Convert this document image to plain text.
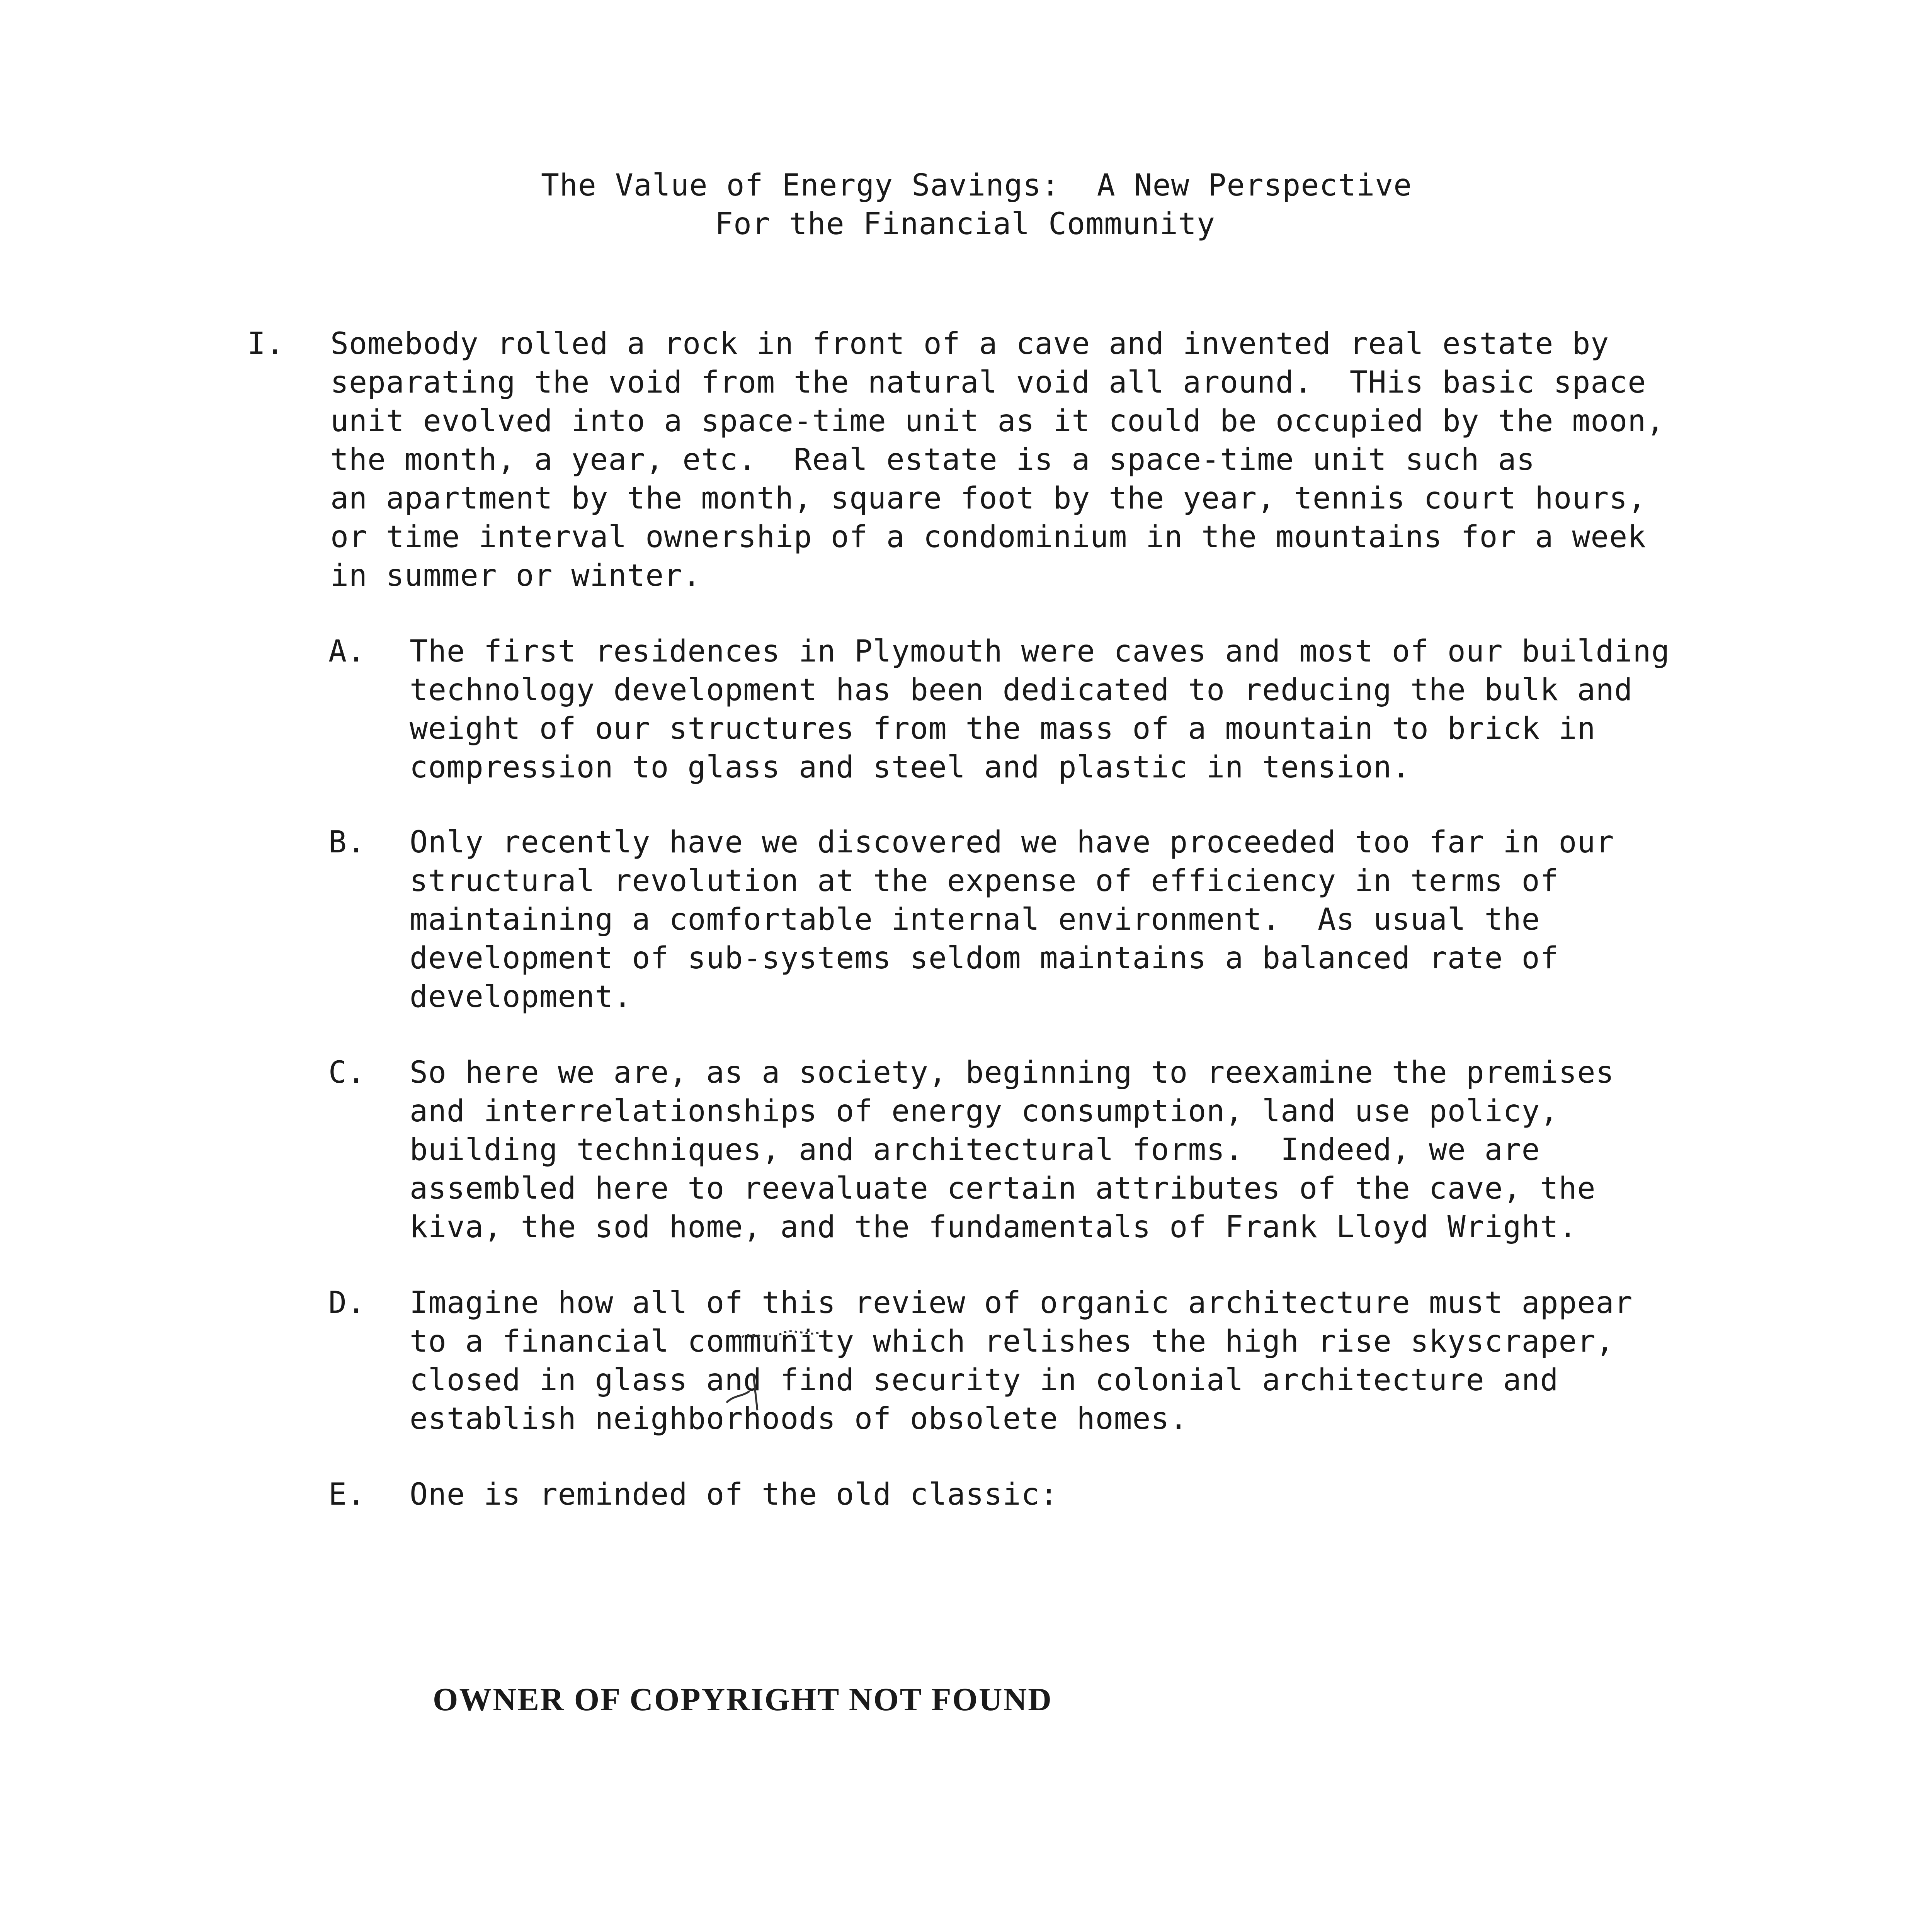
The Value of Energy Savings:  A New Perspective

For the Financial Community

I. Somebody rolled a rock in front of a cave and invented real estate by

separating the void from the natural void all around.  THis basic space

unit evolved into a space-time unit as it could be occupied by the moon,

the month, a year, etc.  Real estate is a space-time unit such as

an apartment by the month, square foot by the year, tennis court hours,

or time interval ownership of a condominium in the mountains for a week

in summer or winter.

A. The first residences in Plymouth were caves and most of our building

technology development has been dedicated to reducing the bulk and

weight of our structures from the mass of a mountain to brick in

compression to glass and steel and plastic in tension.

B. Only recently have we discovered we have proceeded too far in our

structural revolution at the expense of efficiency in terms of

maintaining a comfortable internal environment.  As usual the

development of sub-systems seldom maintains a balanced rate of

development.

C. So here we are, as a society, beginning to reexamine the premises

and interrelationships of energy consumption, land use policy,

building techniques, and architectural forms.  Indeed, we are

assembled here to reevaluate certain attributes of the cave, the

kiva, the sod home, and the fundamentals of Frank Lloyd Wright.

D. Imagine how all of this review of organic architecture must appear

to a financial community which relishes the high rise skyscraper,

closed in glass and find security in colonial architecture and

establish neighborhoods of obsolete homes.

E. One is reminded of the old classic:

OWNER OF COPYRIGHT NOT FOUND
